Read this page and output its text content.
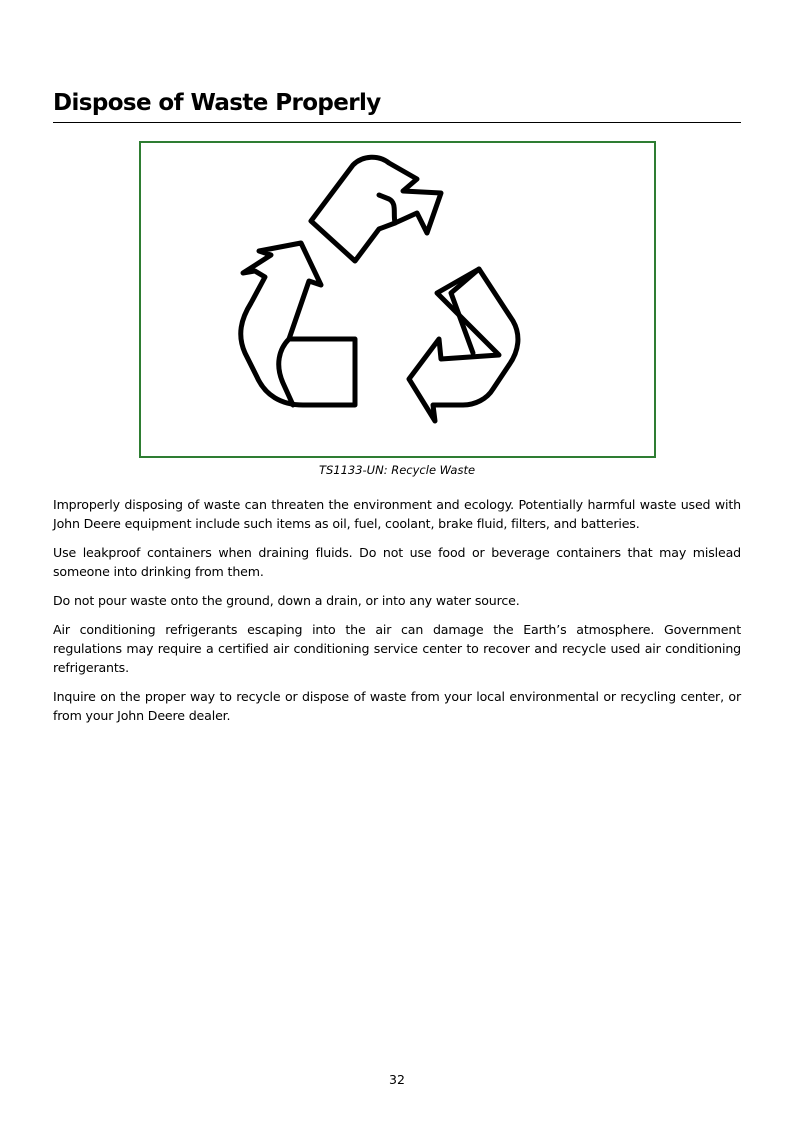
Dispose of Waste Properly
TS1133-UN: Recycle Waste

Improperly disposing of waste can threaten the environment and ecology. Potentially harmful waste used with John Deere equipment include such items as oil, fuel, coolant, brake fluid, filters, and batteries.

Use leakproof containers when draining fluids. Do not use food or beverage containers that may mislead someone into drinking from them.

Do not pour waste onto the ground, down a drain, or into any water source.

Air conditioning refrigerants escaping into the air can damage the Earth’s atmosphere. Government regulations may require a certified air conditioning service center to recover and recycle used air conditioning refrigerants.

Inquire on the proper way to recycle or dispose of waste from your local environmental or recycling center, or from your John Deere dealer.

32
